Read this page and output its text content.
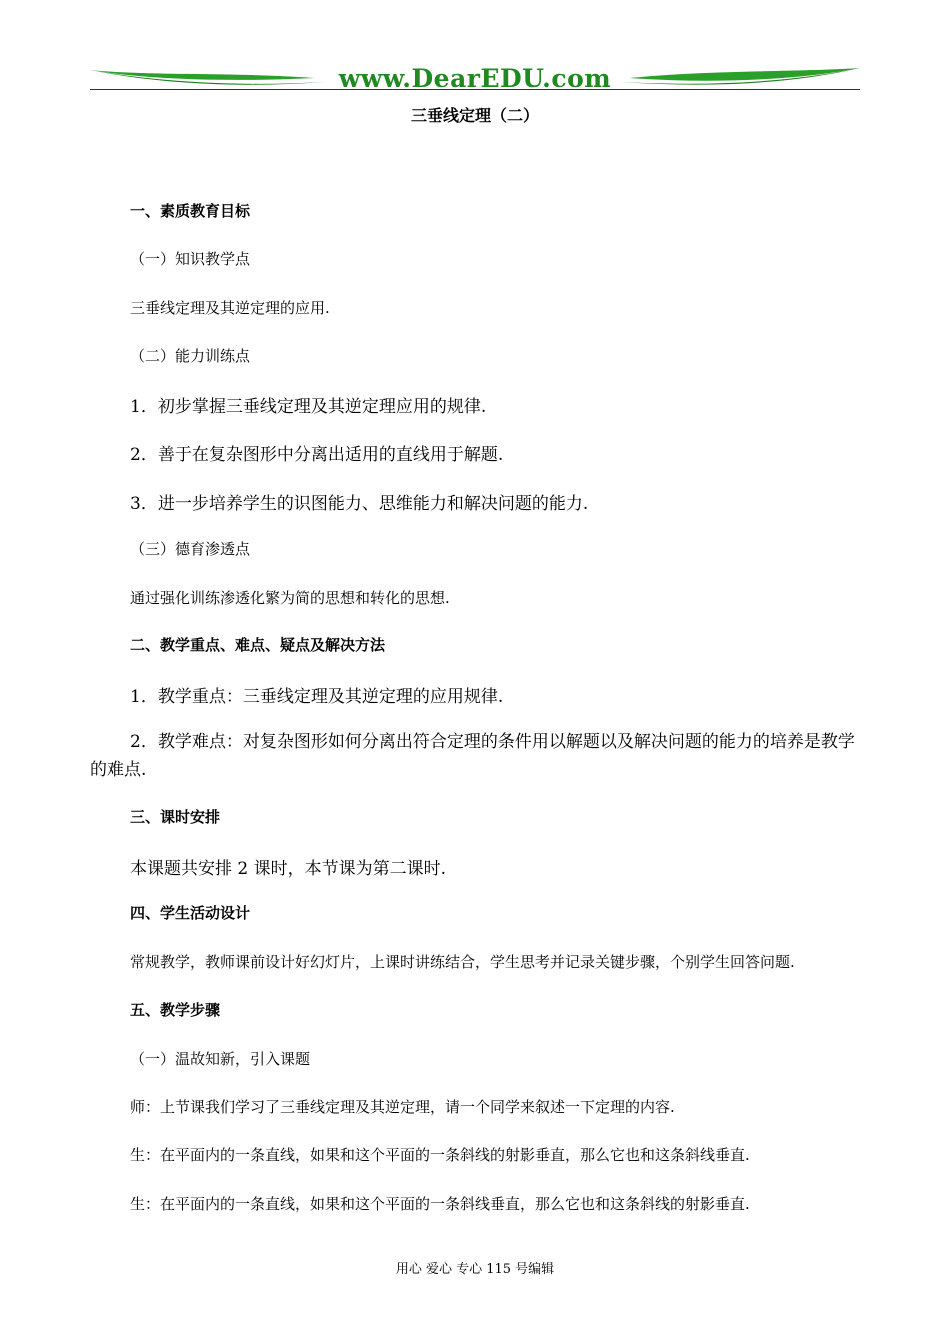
www.DearEDU.com
三垂线定理（二）
一、素质教育目标
（一）知识教学点
三垂线定理及其逆定理的应用.
（二）能力训练点
1．初步掌握三垂线定理及其逆定理应用的规律.
2．善于在复杂图形中分离出适用的直线用于解题.
3．进一步培养学生的识图能力、思维能力和解决问题的能力.
（三）德育渗透点
通过强化训练渗透化繁为简的思想和转化的思想.
二、教学重点、难点、疑点及解决方法
1．教学重点：三垂线定理及其逆定理的应用规律.
2．教学难点：对复杂图形如何分离出符合定理的条件用以解题以及解决问题的能力的培养是教学的难点.
三、课时安排
本课题共安排 2 课时，本节课为第二课时.
四、学生活动设计
常规教学，教师课前设计好幻灯片，上课时讲练结合，学生思考并记录关键步骤，个别学生回答问题.
五、教学步骤
（一）温故知新，引入课题
师：上节课我们学习了三垂线定理及其逆定理，请一个同学来叙述一下定理的内容.
生：在平面内的一条直线，如果和这个平面的一条斜线的射影垂直，那么它也和这条斜线垂直.
生：在平面内的一条直线，如果和这个平面的一条斜线垂直，那么它也和这条斜线的射影垂直.
用心 爱心 专心 115 号编辑
